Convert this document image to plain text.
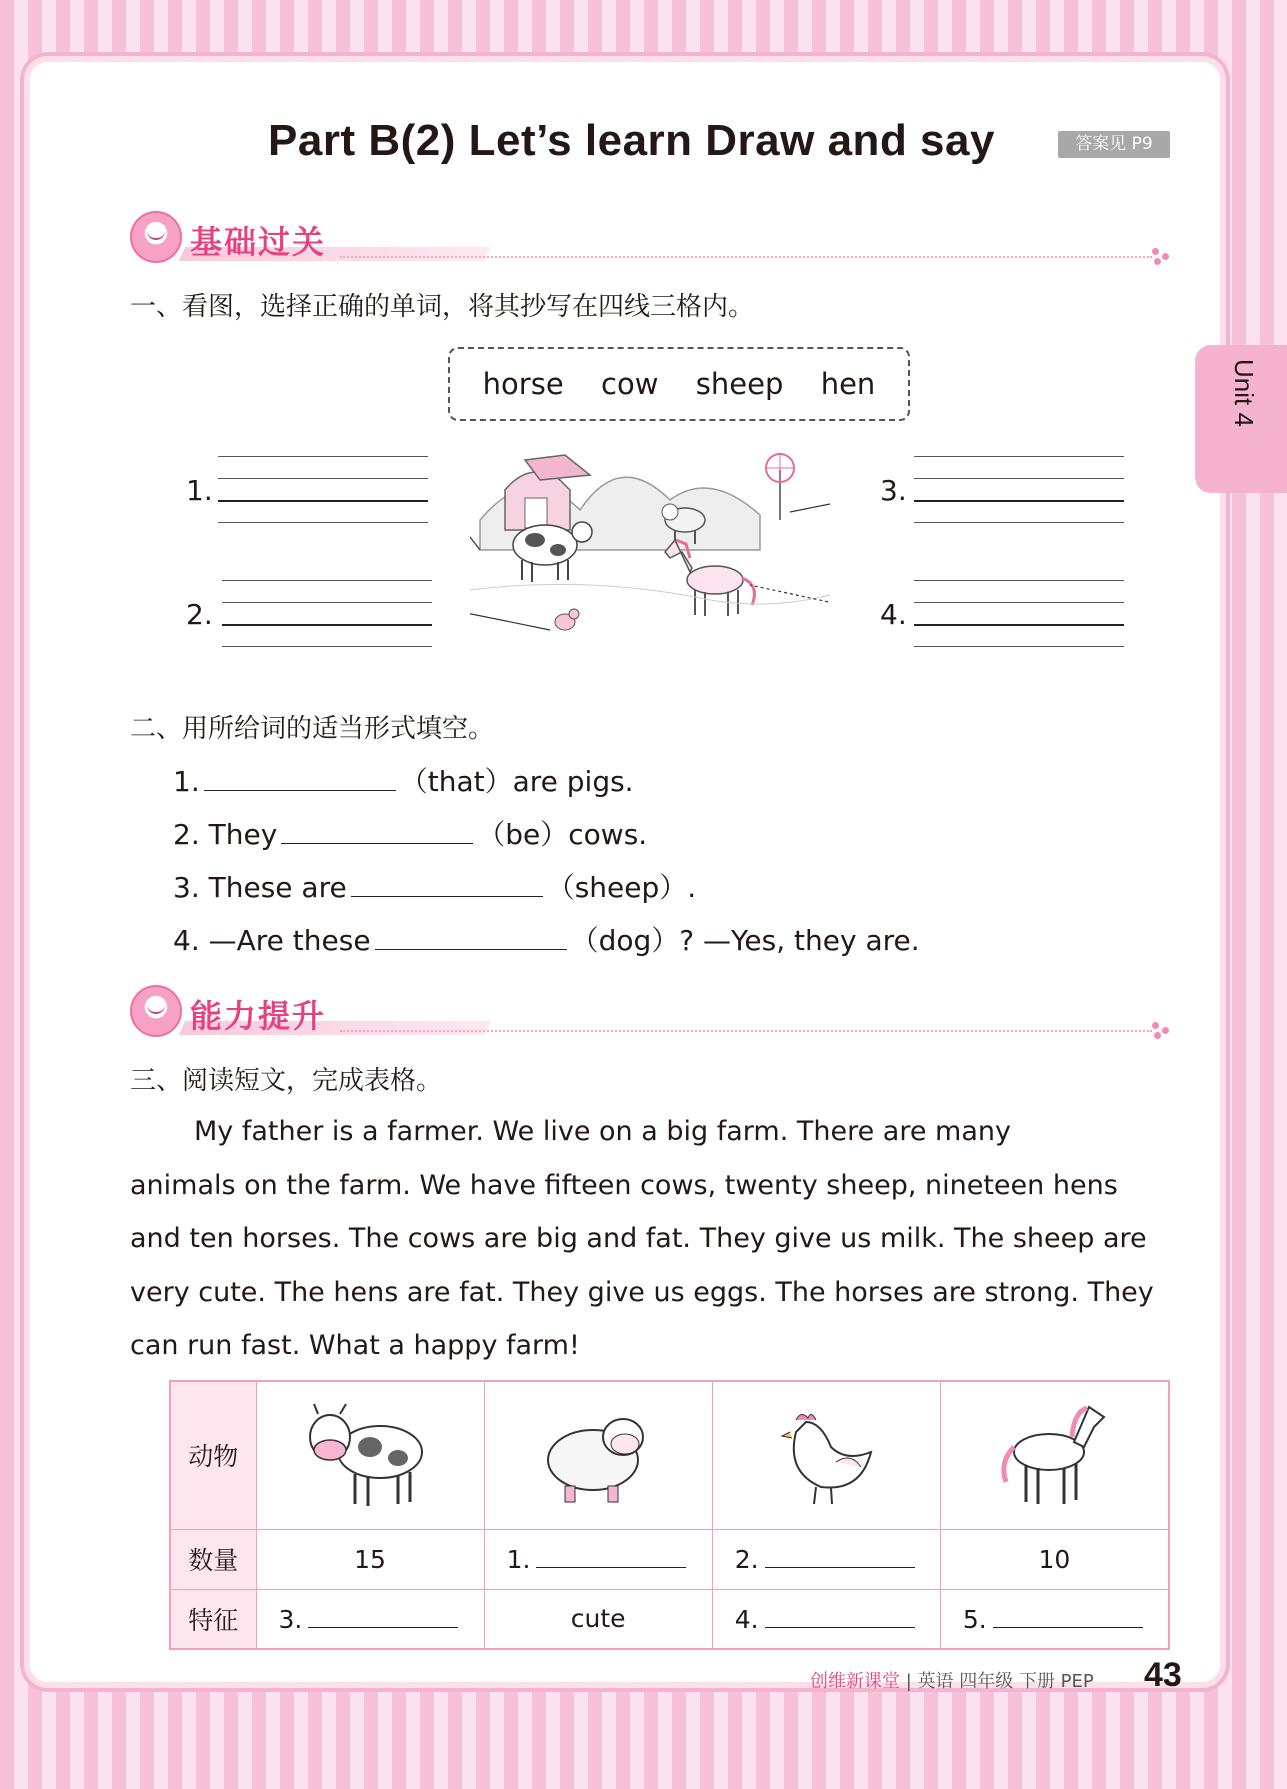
Unit 4
Part B(2) Let’s learn Draw and say	答案见 P9
基础过关
一、看图，选择正确的单词，将其抄写在四线三格内。
horse cow sheep hen
1.
2.
3.
4.
二、用所给词的适当形式填空。
1.	（that）are pigs.
2. They	（be）cows.
3. These are	（sheep）.
4. —Are these	（dog）? —Yes, they are.
能力提升
三、阅读短文，完成表格。
My father is a farmer. We live on a big farm. There are many
animals on the farm. We have fifteen cows, twenty sheep, nineteen hens
and ten horses. The cows are big and fat. They give us milk. The sheep are
very cute. The hens are fat. They give us eggs. The horses are strong. They
can run fast. What a happy farm!
动物				
数量	15	1.	2.	10
特征	3.	cute	4.	5.
创维新课堂 | 英语 四年级 下册 PEP 43
